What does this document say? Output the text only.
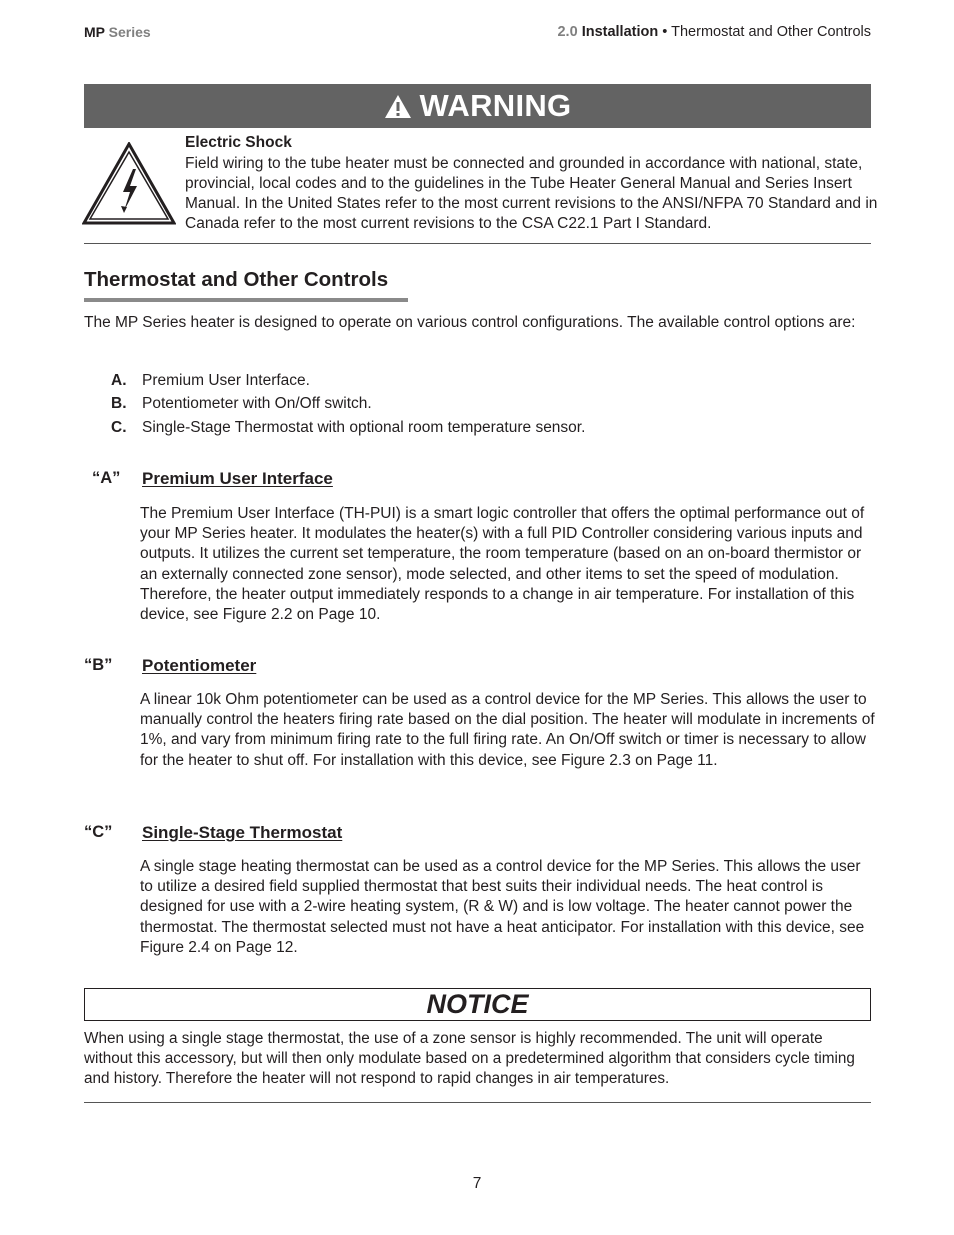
MP Series	2.0 Installation • Thermostat and Other Controls
WARNING
Electric Shock
Field wiring to the tube heater must be connected and grounded in accordance with national, state, provincial, local codes and to the guidelines in the Tube Heater General Manual and Series Insert Manual. In the United States refer to the most current revisions to the ANSI/NFPA 70 Standard and in Canada refer to the most current revisions to the CSA C22.1 Part I Standard.
Thermostat and Other Controls
The MP Series heater is designed to operate on various control configurations. The available control options are:
A. Premium User Interface.
B. Potentiometer with On/Off switch.
C. Single-Stage Thermostat with optional room temperature sensor.
“A” Premium User Interface
The Premium User Interface (TH-PUI) is a smart logic controller that offers the optimal performance out of your MP Series heater. It modulates the heater(s) with a full PID Controller considering various inputs and outputs. It utilizes the current set temperature, the room temperature (based on an on-board thermistor or an externally connected zone sensor), mode selected, and other items to set the speed of modulation. Therefore, the heater output immediately responds to a change in air temperature. For installation of this device, see Figure 2.2 on Page 10.
“B” Potentiometer
A linear 10k Ohm potentiometer can be used as a control device for the MP Series. This allows the user to manually control the heaters firing rate based on the dial position. The heater will modulate in increments of 1%, and vary from minimum firing rate to the full firing rate. An On/Off switch or timer is necessary to allow for the heater to shut off. For installation with this device, see Figure 2.3 on Page 11.
“C” Single-Stage Thermostat
A single stage heating thermostat can be used as a control device for the MP Series. This allows the user to utilize a desired field supplied thermostat that best suits their individual needs. The heat control is designed for use with a 2-wire heating system, (R & W) and is low voltage. The heater cannot power the thermostat. The thermostat selected must not have a heat anticipator. For installation with this device, see Figure 2.4 on Page 12.
NOTICE
When using a single stage thermostat, the use of a zone sensor is highly recommended. The unit will operate without this accessory, but will then only modulate based on a predetermined algorithm that considers cycle timing and history. Therefore the heater will not respond to rapid changes in air temperatures.
7
